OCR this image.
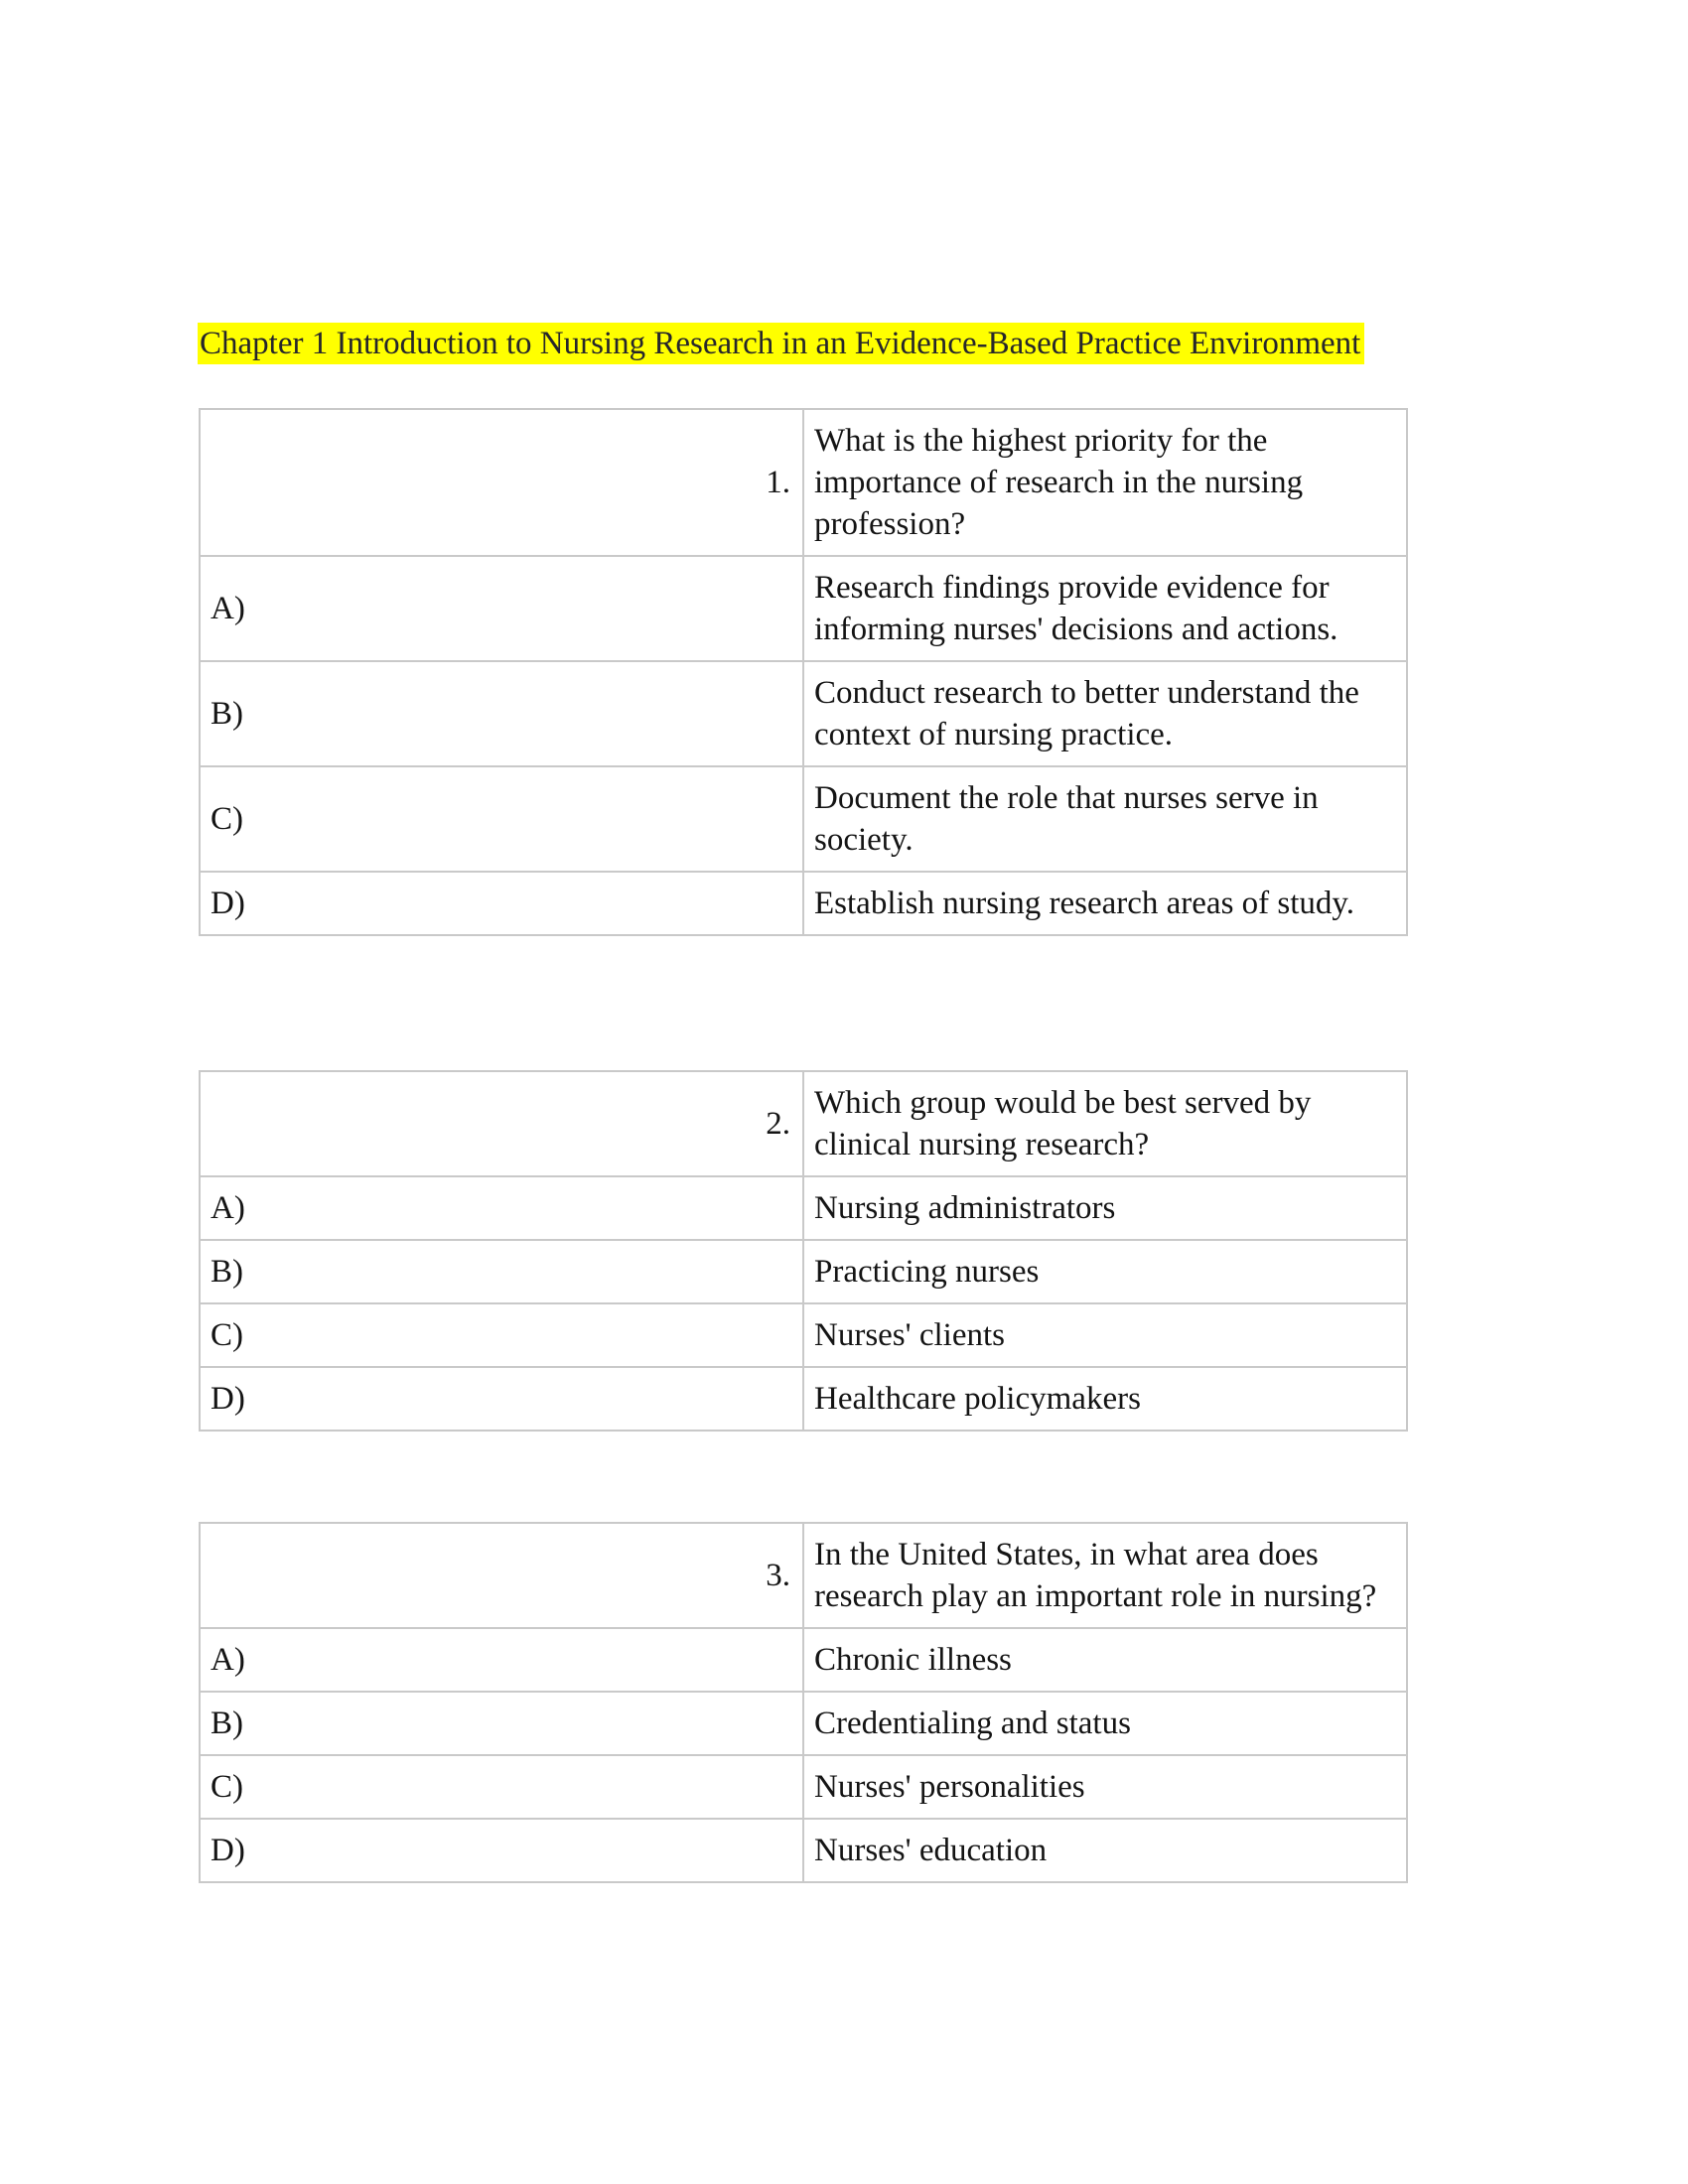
Chapter 1 Introduction to Nursing Research in an Evidence-Based Practice Environment
1.	What is the highest priority for the importance of research in the nursing profession?
A)	Research findings provide evidence for informing nurses' decisions and actions.
B)	Conduct research to better understand the context of nursing practice.
C)	Document the role that nurses serve in society.
D)	Establish nursing research areas of study.
2.	Which group would be best served by clinical nursing research?
A)	Nursing administrators
B)	Practicing nurses
C)	Nurses' clients
D)	Healthcare policymakers
3.	In the United States, in what area does research play an important role in nursing?
A)	Chronic illness
B)	Credentialing and status
C)	Nurses' personalities
D)	Nurses' education
